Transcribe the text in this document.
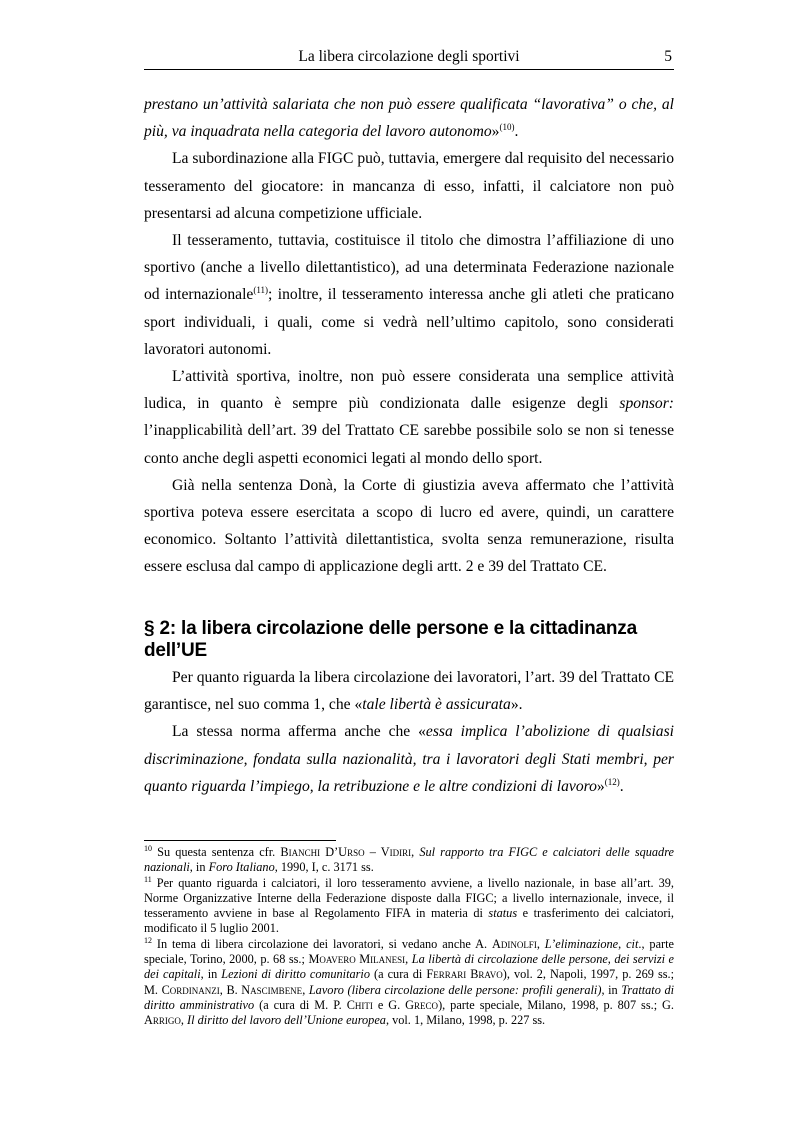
La libera circolazione degli sportivi	5

prestano un’attività salariata che non può essere qualificata “lavorativa” o che, al più, va inquadrata nella categoria del lavoro autonomo»$^{(10)}$.

La subordinazione alla FIGC può, tuttavia, emergere dal requisito del necessario tesseramento del giocatore: in mancanza di esso, infatti, il calciatore non può presentarsi ad alcuna competizione ufficiale.

Il tesseramento, tuttavia, costituisce il titolo che dimostra l’affiliazione di uno sportivo (anche a livello dilettantistico), ad una determinata Federazione nazionale od internazionale$^{(11)}$; inoltre, il tesseramento interessa anche gli atleti che praticano sport individuali, i quali, come si vedrà nell’ultimo capitolo, sono considerati lavoratori autonomi.

L’attività sportiva, inoltre, non può essere considerata una semplice attività ludica, in quanto è sempre più condizionata dalle esigenze degli sponsor: l’inapplicabilità dell’art. 39 del Trattato CE sarebbe possibile solo se non si tenesse conto anche degli aspetti economici legati al mondo dello sport.

Già nella sentenza Donà, la Corte di giustizia aveva affermato che l’attività sportiva poteva essere esercitata a scopo di lucro ed avere, quindi, un carattere economico. Soltanto l’attività dilettantistica, svolta senza remunerazione, risulta essere esclusa dal campo di applicazione degli artt. 2 e 39 del Trattato CE.

§ 2: la libera circolazione delle persone e la cittadinanza dell’UE

Per quanto riguarda la libera circolazione dei lavoratori, l’art. 39 del Trattato CE garantisce, nel suo comma 1, che «tale libertà è assicurata».

La stessa norma afferma anche che «essa implica l’abolizione di qualsiasi discriminazione, fondata sulla nazionalità, tra i lavoratori degli Stati membri, per quanto riguarda l’impiego, la retribuzione e le altre condizioni di lavoro»$^{(12)}$.

$^{10}$ Su questa sentenza cfr. Bianchi D’Urso – Vidiri, Sul rapporto tra FIGC e calciatori delle squadre nazionali, in Foro Italiano, 1990, I, c. 3171 ss.

$^{11}$ Per quanto riguarda i calciatori, il loro tesseramento avviene, a livello nazionale, in base all’art. 39, Norme Organizzative Interne della Federazione disposte dalla FIGC; a livello internazionale, invece, il tesseramento avviene in base al Regolamento FIFA in materia di status e trasferimento dei calciatori, modificato il 5 luglio 2001.

$^{12}$ In tema di libera circolazione dei lavoratori, si vedano anche A. Adinolfi, L’eliminazione, cit., parte speciale, Torino, 2000, p. 68 ss.; Moavero Milanesi, La libertà di circolazione delle persone, dei servizi e dei capitali, in Lezioni di diritto comunitario (a cura di Ferrari Bravo), vol. 2, Napoli, 1997, p. 269 ss.; M. Cordinanzi, B. Nascimbene, Lavoro (libera circolazione delle persone: profili generali), in Trattato di diritto amministrativo (a cura di M. P. Chiti e G. Greco), parte speciale, Milano, 1998, p. 807 ss.; G. Arrigo, Il diritto del lavoro dell’Unione europea, vol. 1, Milano, 1998, p. 227 ss.
